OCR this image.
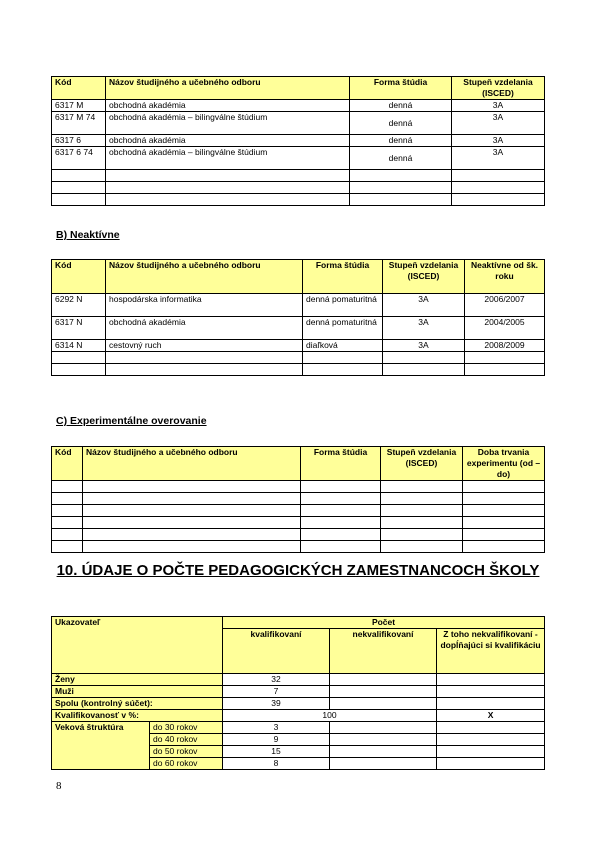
Kód	Názov študijného a učebného odboru	Forma štúdia	Stupeň vzdelania (ISCED)
6317 M	obchodná akadémia	denná	3A
6317 M 74	obchodná akadémia – bilingválne štúdium	denná	3A
6317 6	obchodná akadémia	denná	3A
6317 6 74	obchodná akadémia – bilingválne štúdium	denná	3A

B) Neaktívne
Kód	Názov študijného a učebného odboru	Forma štúdia	Stupeň vzdelania (ISCED)	Neaktívne od šk. roku
6292 N	hospodárska informatika	denná pomaturitná	3A	2006/2007
6317 N	obchodná akadémia	denná pomaturitná	3A	2004/2005
6314 N	cestovný ruch	diaľková	3A	2008/2009

C) Experimentálne overovanie
Kód	Názov študijného a učebného odboru	Forma štúdia	Stupeň vzdelania (ISCED)	Doba trvania experimentu (od – do)

10. ÚDAJE O POČTE PEDAGOGICKÝCH ZAMESTNANCOCH ŠKOLY
Ukazovateľ		Počet		
		kvalifikovaní	nekvalifikovaní	Z toho nekvalifikovaní - dopĺňajúci si kvalifikáciu
Ženy		32		
Muži		7		
Spolu (kontrolný súčet):		39		
Kvalifikovanosť v %:		100		X
Veková štruktúra	do 30 rokov	3		
	do 40 rokov	9		
	do 50 rokov	15		
	do 60 rokov	8		
8
